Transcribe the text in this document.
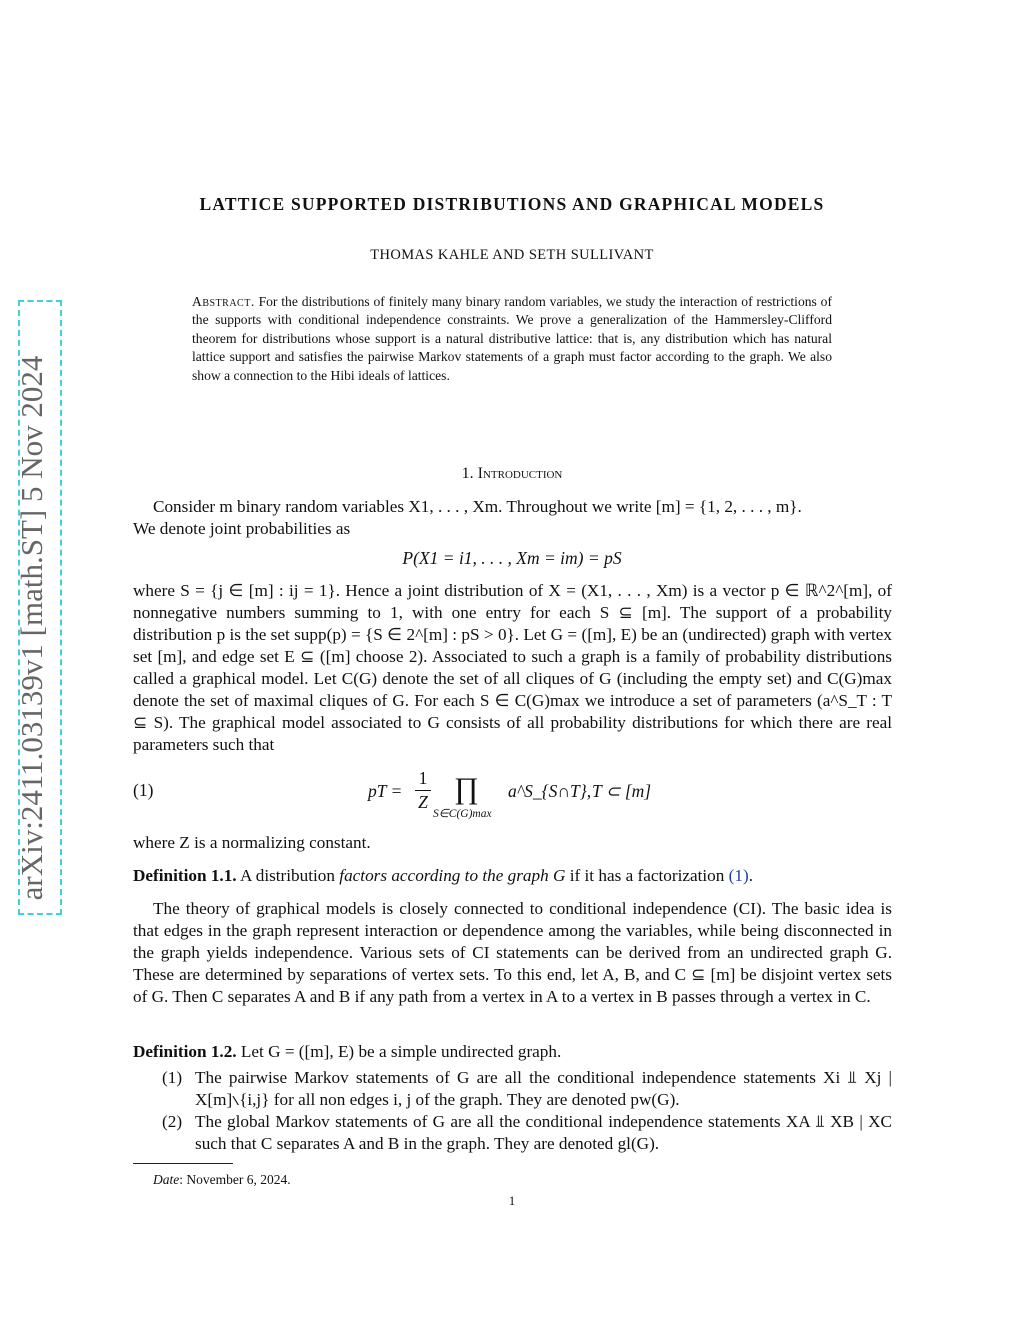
arXiv:2411.03139v1 [math.ST] 5 Nov 2024
LATTICE SUPPORTED DISTRIBUTIONS AND GRAPHICAL MODELS
THOMAS KAHLE AND SETH SULLIVANT
Abstract. For the distributions of finitely many binary random variables, we study the interaction of restrictions of the supports with conditional independence constraints. We prove a generalization of the Hammersley-Clifford theorem for distributions whose support is a natural distributive lattice: that is, any distribution which has natural lattice support and satisfies the pairwise Markov statements of a graph must factor according to the graph. We also show a connection to the Hibi ideals of lattices.
1. Introduction
Consider m binary random variables X1, . . . , Xm. Throughout we write [m] = {1, 2, . . . , m}.
We denote joint probabilities as
P(X1 = i1, . . . , Xm = im) = pS
where S = {j ∈ [m] : ij = 1}. Hence a joint distribution of X = (X1, . . . , Xm) is a vector p ∈ ℝ^2^[m], of nonnegative numbers summing to 1, with one entry for each S ⊆ [m]. The support of a probability distribution p is the set supp(p) = {S ∈ 2^[m] : pS > 0}. Let G = ([m], E) be an (undirected) graph with vertex set [m], and edge set E ⊆ ([m] choose 2). Associated to such a graph is a family of probability distributions called a graphical model. Let C(G) denote the set of all cliques of G (including the empty set) and C(G)max denote the set of maximal cliques of G. For each S ∈ C(G)max we introduce a set of parameters (a^S_T : T ⊆ S). The graphical model associated to G consists of all probability distributions for which there are real parameters such that
(1)	pT =
1
Z ∏
S∈C(G)max
a^S_{S∩T}, T ⊂ [m]
where Z is a normalizing constant.
Definition 1.1. A distribution factors according to the graph G if it has a factorization (1).
The theory of graphical models is closely connected to conditional independence (CI). The basic idea is that edges in the graph represent interaction or dependence among the variables, while being disconnected in the graph yields independence. Various sets of CI statements can be derived from an undirected graph G. These are determined by separations of vertex sets. To this end, let A, B, and C ⊆ [m] be disjoint vertex sets of G. Then C separates A and B if any path from a vertex in A to a vertex in B passes through a vertex in C.
Definition 1.2. Let G = ([m], E) be a simple undirected graph.
(1) The pairwise Markov statements of G are all the conditional independence statements Xi ⫫ Xj | X[m]∖{i,j} for all non edges i, j of the graph. They are denoted pw(G).
(2) The global Markov statements of G are all the conditional independence statements XA ⫫ XB | XC such that C separates A and B in the graph. They are denoted gl(G).
Date: November 6, 2024.
1
